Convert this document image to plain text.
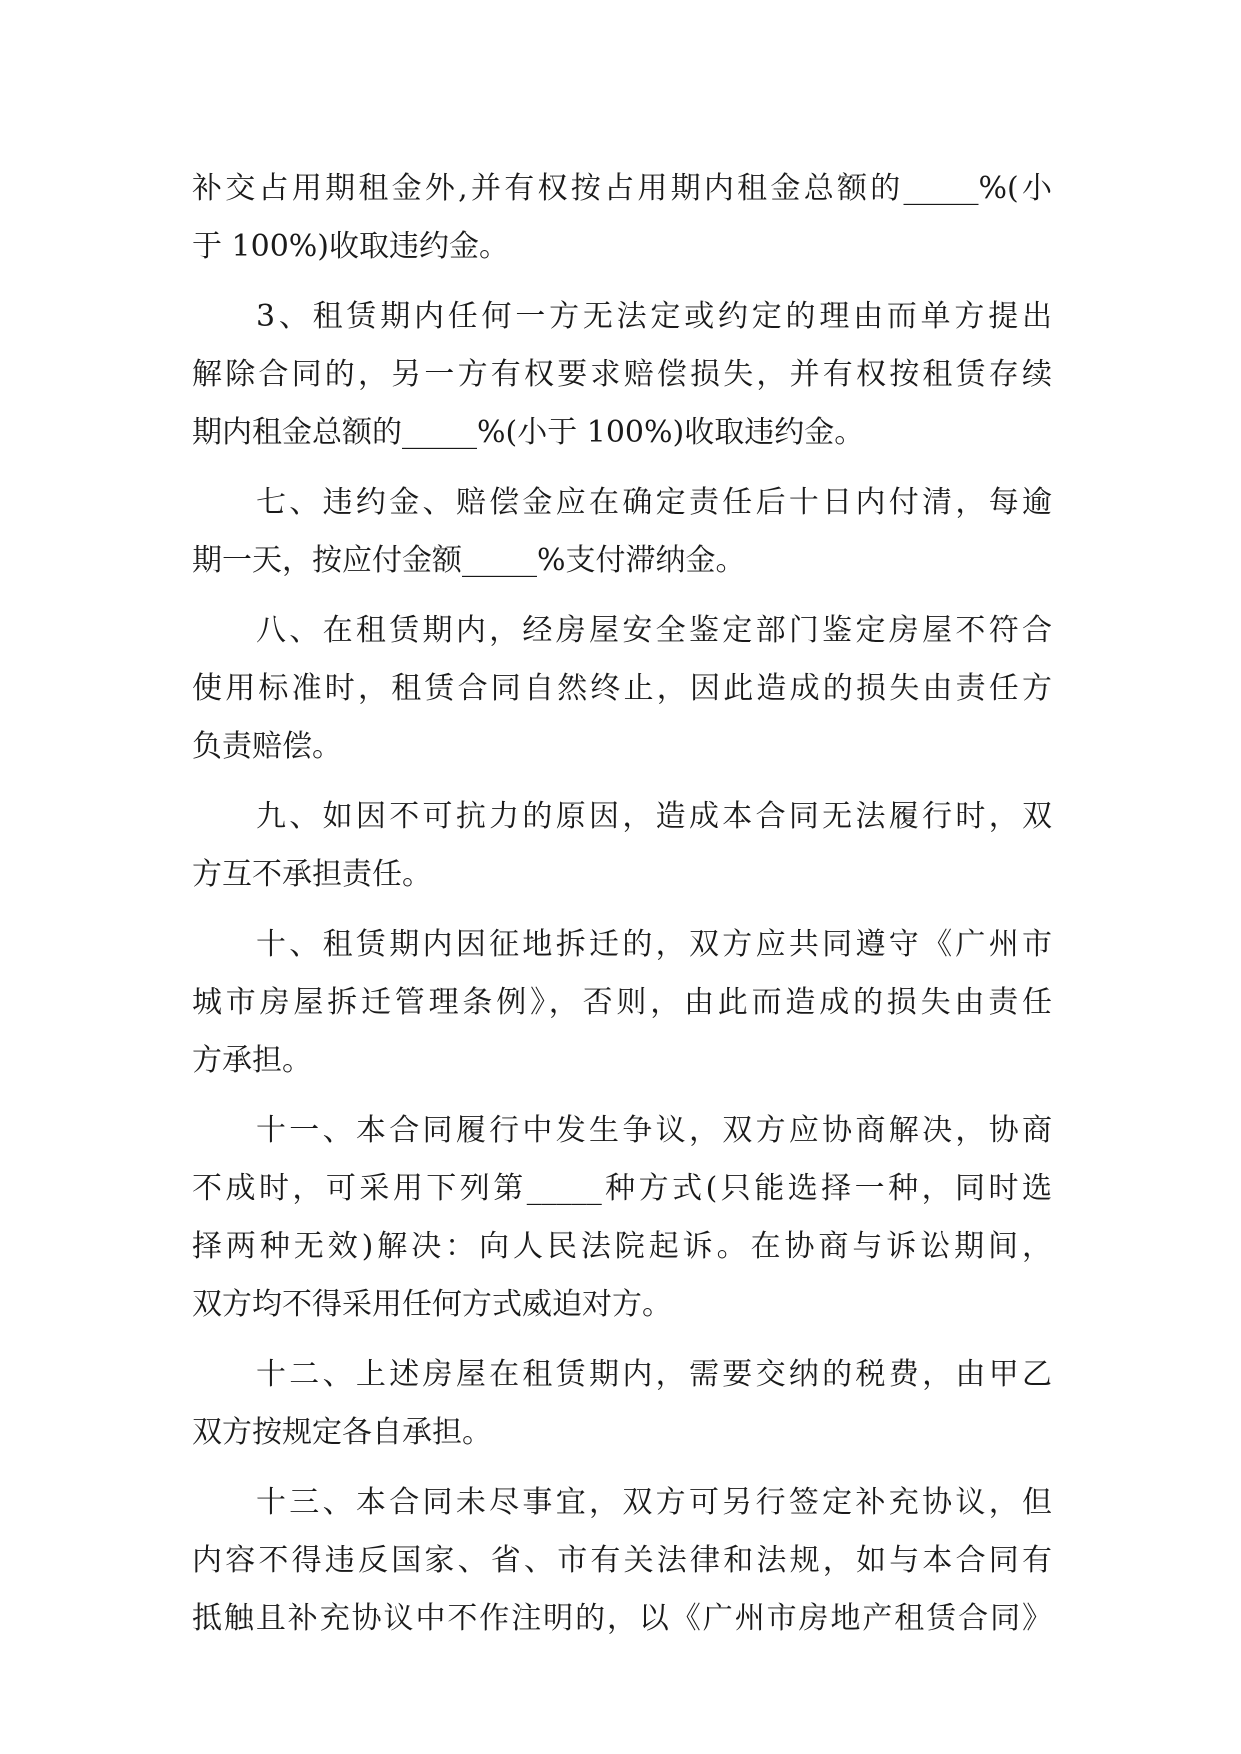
补交占用期租金外,并有权按占用期内租金总额的_____%(小
于 100%)收取违约金。
3、租赁期内任何一方无法定或约定的理由而单方提出
解除合同的，另一方有权要求赔偿损失，并有权按租赁存续
期内租金总额的_____%(小于 100%)收取违约金。
七、违约金、赔偿金应在确定责任后十日内付清，每逾
期一天，按应付金额_____%支付滞纳金。
八、在租赁期内，经房屋安全鉴定部门鉴定房屋不符合
使用标准时，租赁合同自然终止，因此造成的损失由责任方
负责赔偿。
九、如因不可抗力的原因，造成本合同无法履行时，双
方互不承担责任。
十、租赁期内因征地拆迁的，双方应共同遵守《广州市
城市房屋拆迁管理条例》，否则，由此而造成的损失由责任
方承担。
十一、本合同履行中发生争议，双方应协商解决，协商
不成时，可采用下列第_____种方式(只能选择一种，同时选
择两种无效)解决：向人民法院起诉。在协商与诉讼期间，
双方均不得采用任何方式威迫对方。
十二、上述房屋在租赁期内，需要交纳的税费，由甲乙
双方按规定各自承担。
十三、本合同未尽事宜，双方可另行签定补充协议，但
内容不得违反国家、省、市有关法律和法规，如与本合同有
抵触且补充协议中不作注明的，以《广州市房地产租赁合同》
